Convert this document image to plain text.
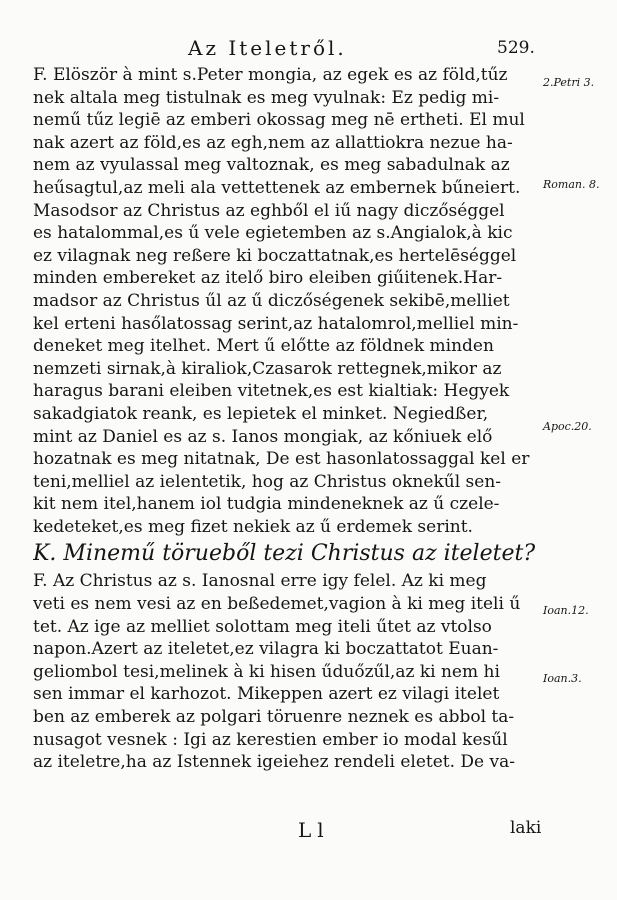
Az Iteletről.	529.
F. Elöször à mint s.Peter mongia, az egek es az föld,tűz
nek altala meg tistulnak es meg vyulnak: Ez pedig mi-
nemű tűz legiē az emberi okossag meg nē ertheti. El mul
nak azert az föld,es az egh,nem az allattiokra nezue ha-
nem az vyulassal meg valtoznak, es meg sabadulnak az
heűsagtul,az meli ala vettettenek az embernek bűneiert.
Masodsor az Christus az eghből el iű nagy diczőséggel
es hatalommal,es ű vele egietemben az s.Angialok,à kic
ez vilagnak neg reßere ki boczattatnak,es hertelēséggel
minden embereket az itelő biro eleiben giűitenek.Har-
madsor az Christus űl az ű diczőségenek sekibē,melliet
kel erteni hasőlatossag serint,az hatalomrol,melliel min-
deneket meg itelhet. Mert ű előtte az földnek minden
nemzeti sirnak,à kiraliok,Czasarok rettegnek,mikor az
haragus barani eleiben vitetnek,es est kialtiak: Hegyek
sakadgiatok reank, es lepietek el minket. Negiedßer,
mint az Daniel es az s. Ianos mongiak, az kőniuek elő
hozatnak es meg nitatnak, De est hasonlatossaggal kel er
teni,melliel az ielentetik, hog az Christus oknekűl sen-
kit nem itel,hanem iol tudgia mindeneknek az ű czele-
kedeteket,es meg fizet nekiek az ű erdemek serint.
K. Minemű törueből tezi Christus az iteletet?
F. Az Christus az s. Ianosnal erre igy felel. Az ki meg
veti es nem vesi az en beßedemet,vagion à ki meg iteli ű
tet. Az ige az melliet solottam meg iteli űtet az vtolso
napon.Azert az iteletet,ez vilagra ki boczattatot Euan-
geliombol tesi,melinek à ki hisen űduőzűl,az ki nem hi
sen immar el karhozot. Mikeppen azert ez vilagi itelet
ben az emberek az polgari töruenre neznek es abbol ta-
nusagot vesnek : Igi az kerestien ember io modal kesűl
az iteletre,ha az Istennek igeiehez rendeli eletet. De va-
2.Petri 3.
Roman. 8.
Apoc.20.
Ioan.12.
Ioan.3.
Ll	laki
